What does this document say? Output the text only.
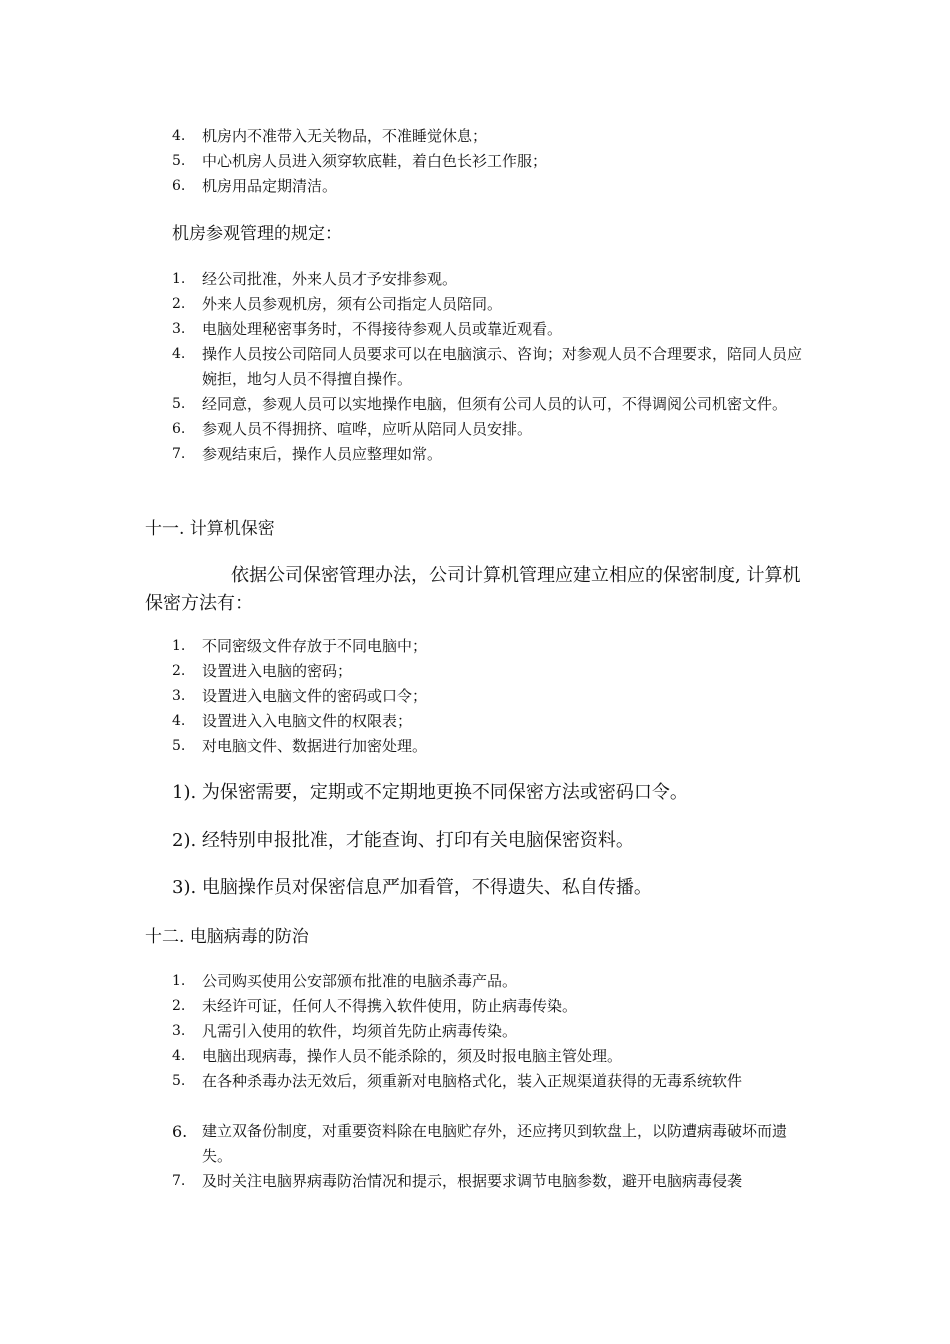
4. 机房内不准带入无关物品，不准睡觉休息；
5. 中心机房人员进入须穿软底鞋，着白色长衫工作服；
6. 机房用品定期清洁。
机房参观管理的规定：
1. 经公司批准，外来人员才予安排参观。
2. 外来人员参观机房，须有公司指定人员陪同。
3. 电脑处理秘密事务时，不得接待参观人员或靠近观看。
4. 操作人员按公司陪同人员要求可以在电脑演示、咨询；对参观人员不合理要求，陪同人员应婉拒，地匀人员不得擅自操作。
5. 经同意，参观人员可以实地操作电脑，但须有公司人员的认可，不得调阅公司机密文件。
6. 参观人员不得拥挤、喧哗，应听从陪同人员安排。
7. 参观结束后，操作人员应整理如常。
十一. 计算机保密
依据公司保密管理办法，公司计算机管理应建立相应的保密制度, 计算机保密方法有：
1. 不同密级文件存放于不同电脑中；
2. 设置进入电脑的密码；
3. 设置进入电脑文件的密码或口令；
4. 设置进入入电脑文件的权限表；
5. 对电脑文件、数据进行加密处理。
1). 为保密需要，定期或不定期地更换不同保密方法或密码口令。
2). 经特别申报批准，才能查询、打印有关电脑保密资料。
3). 电脑操作员对保密信息严加看管，不得遗失、私自传播。
十二. 电脑病毒的防治
1. 公司购买使用公安部颁布批准的电脑杀毒产品。
2. 未经许可证，任何人不得携入软件使用，防止病毒传染。
3. 凡需引入使用的软件，均须首先防止病毒传染。
4. 电脑出现病毒，操作人员不能杀除的，须及时报电脑主管处理。
5. 在各种杀毒办法无效后，须重新对电脑格式化，装入正规渠道获得的无毒系统软件
6. 建立双备份制度，对重要资料除在电脑贮存外，还应拷贝到软盘上，以防遭病毒破坏而遗失。
7. 及时关注电脑界病毒防治情况和提示，根据要求调节电脑参数，避开电脑病毒侵袭
